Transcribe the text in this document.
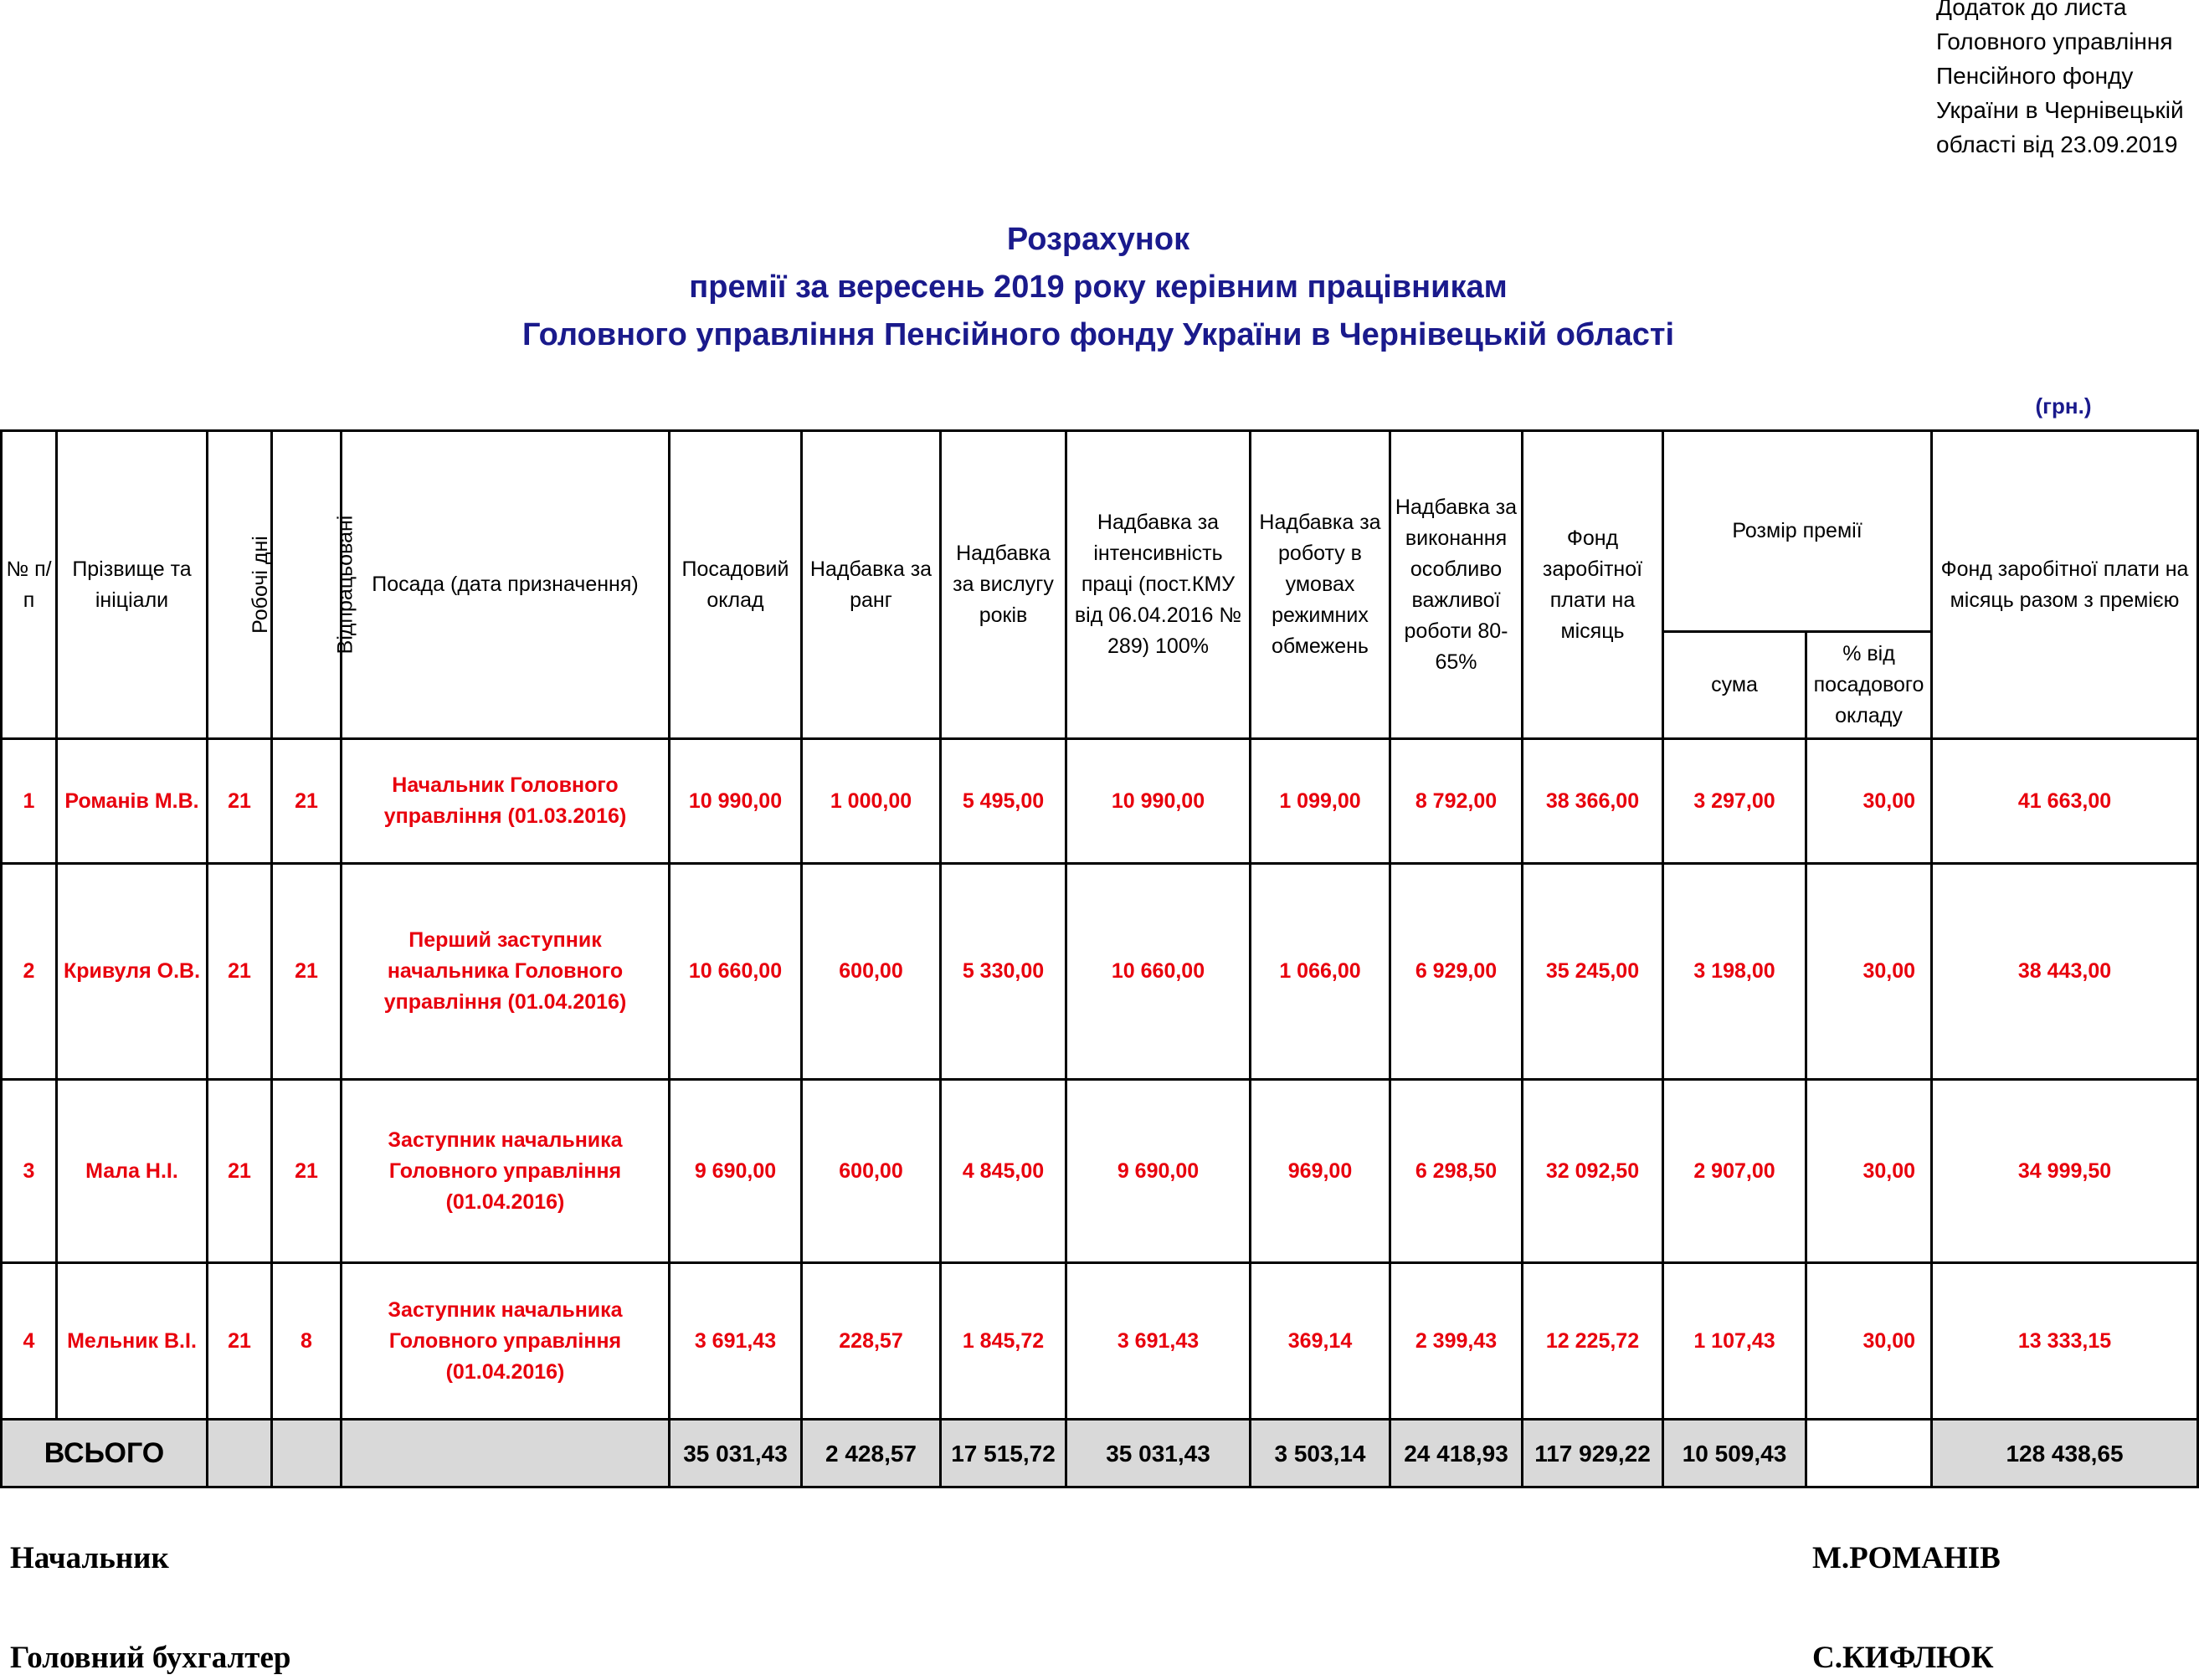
Додаток до листа
Головного управління
Пенсійного фонду
України в Чернівецькій
області від 23.09.2019
Розрахунок
премії за вересень 2019 року керівним працівникам
Головного управління Пенсійного фонду України в Чернівецькій області
(грн.)
№ п/п	Прізвище та ініціали	Робочі дні	Відпрацьовані	Посада (дата призначення)	Посадовий оклад	Надбавка за ранг	Надбавка за вислугу років	Надбавка за інтенсивність праці (пост.КМУ від 06.04.2016 № 289) 100%	Надбавка за роботу в умовах режимних обмежень	Надбавка за виконання особливо важливої роботи 80-65%	Фонд заробітної плати на місяць	Розмір премії		Фонд заробітної плати на місяць разом з премією
												сума	% від посадового окладу	
1	Романів М.В.	21	21	Начальник Головного управління (01.03.2016)	10 990,00	1 000,00	5 495,00	10 990,00	1 099,00	8 792,00	38 366,00	3 297,00	30,00	41 663,00
2	Кривуля О.В.	21	21	Перший заступник начальника Головного управління (01.04.2016)	10 660,00	600,00	5 330,00	10 660,00	1 066,00	6 929,00	35 245,00	3 198,00	30,00	38 443,00
3	Мала Н.І.	21	21	Заступник начальника Головного управління (01.04.2016)	9 690,00	600,00	4 845,00	9 690,00	969,00	6 298,50	32 092,50	2 907,00	30,00	34 999,50
4	Мельник В.І.	21	8	Заступник начальника Головного управління (01.04.2016)	3 691,43	228,57	1 845,72	3 691,43	369,14	2 399,43	12 225,72	1 107,43	30,00	13 333,15
ВСЬОГО					35 031,43	2 428,57	17 515,72	35 031,43	3 503,14	24 418,93	117 929,22	10 509,43		128 438,65
Начальник	М.РОМАНІВ
Головний бухгалтер	С.КИФЛЮК
